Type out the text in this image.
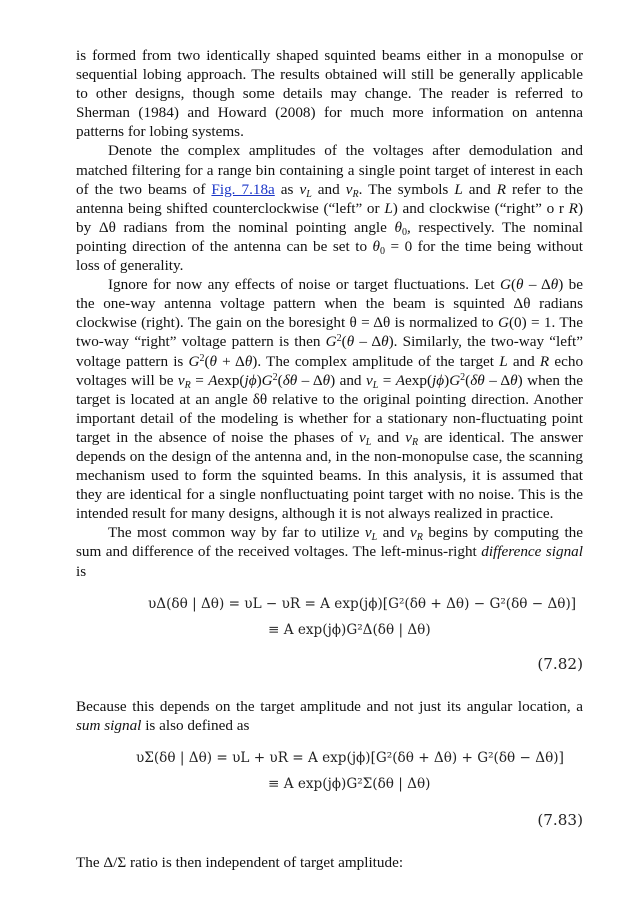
is formed from two identically shaped squinted beams either in a monopulse or sequential lobing approach. The results obtained will still be generally applicable to other designs, though some details may change. The reader is referred to Sherman (1984) and Howard (2008) for much more information on antenna patterns for lobing systems.

Denote the complex amplitudes of the voltages after demodulation and matched filtering for a range bin containing a single point target of interest in each of the two beams of Fig. 7.18a as $v_L$ and $v_R$. The symbols L and R refer to the antenna being shifted counterclockwise (“left” or L) and clockwise (“right” o r R) by Δθ radians from the nominal pointing angle $\theta_0$, respectively. The nominal pointing direction of the antenna can be set to $\theta_0 = 0$ for the time being without loss of generality.

Ignore for now any effects of noise or target fluctuations. Let G(θ – Δθ) be the one-way antenna voltage pattern when the beam is squinted Δθ radians clockwise (right). The gain on the boresight θ = Δθ is normalized to G(0) = 1. The two-way “right” voltage pattern is then $G^2(\theta - \Delta\theta)$. Similarly, the two-way “left” voltage pattern is $G^2(\theta + \Delta\theta)$. The complex amplitude of the target L and R echo voltages will be $v_R = Aexp(j\phi)G^2(\delta\theta - \Delta\theta)$ and $v_L = Aexp(j\phi)G^2(\delta\theta - \Delta\theta)$ when the target is located at an angle δθ relative to the original pointing direction. Another important detail of the modeling is whether for a stationary non-fluctuating point target in the absence of noise the phases of $v_L$ and $v_R$ are identical. The answer depends on the design of the antenna and, in the non-monopulse case, the scanning mechanism used to form the squinted beams. In this analysis, it is assumed that they are identical for a single nonfluctuating point target with no noise. This is the intended result for many designs, although it is not always realized in practice.

The most common way by far to utilize $v_L$ and $v_R$ begins by computing the sum and difference of the received voltages. The left-minus-right difference signal is

υΔ(δθ | Δθ) = υL − υR = A exp(jϕ)[G²(δθ + Δθ) − G²(δθ − Δθ)]
≡ A exp(jϕ)G²Δ(δθ | Δθ)
(7.82)

Because this depends on the target amplitude and not just its angular location, a sum signal is also defined as

υΣ(δθ | Δθ) = υL + υR = A exp(jϕ)[G²(δθ + Δθ) + G²(δθ − Δθ)]
≡ A exp(jϕ)G²Σ(δθ | Δθ)
(7.83)

The Δ/Σ ratio is then independent of target amplitude:
